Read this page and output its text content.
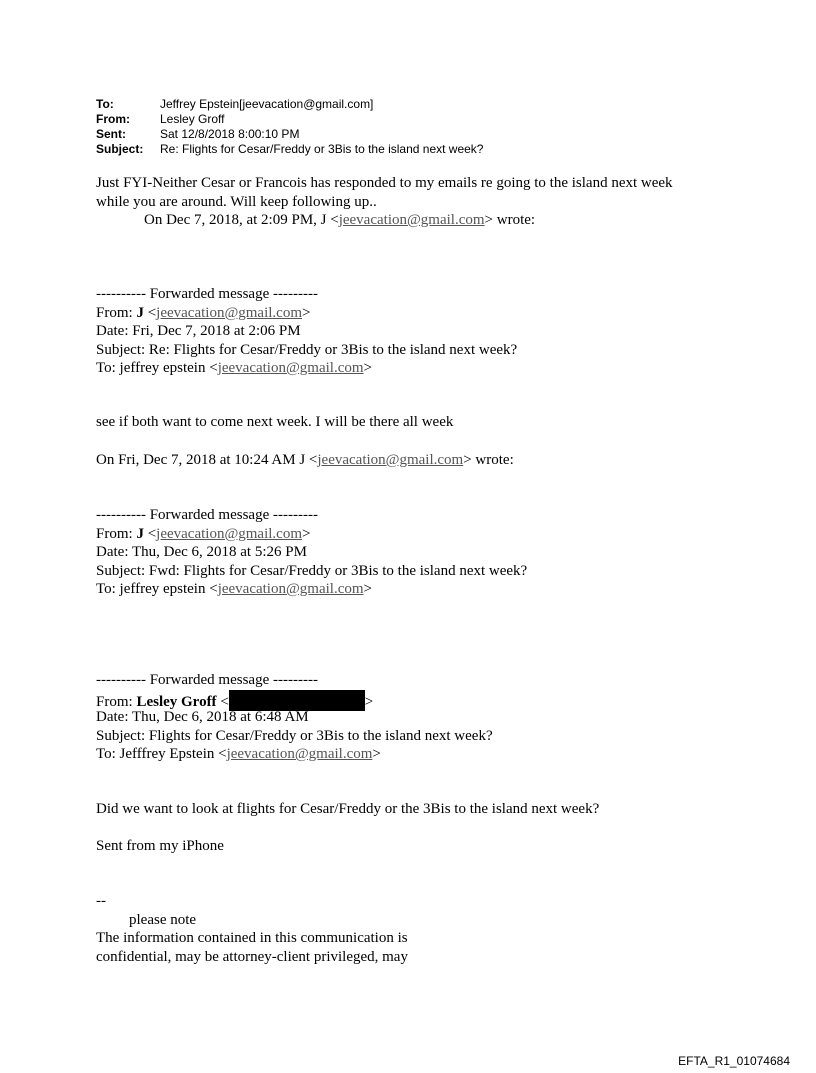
To:	Jeffrey Epstein[jeevacation@gmail.com]
From:	Lesley Groff
Sent:	Sat 12/8/2018 8:00:10 PM
Subject:	Re: Flights for Cesar/Freddy or 3Bis to the island next week?
Just FYI-Neither Cesar or Francois has responded to my emails re going to the island next week
while you are around. Will keep following up..
On Dec 7, 2018, at 2:09 PM, J <jeevacation@gmail.com> wrote:
---------- Forwarded message ---------
From: J <jeevacation@gmail.com>
Date: Fri, Dec 7, 2018 at 2:06 PM
Subject: Re: Flights for Cesar/Freddy or 3Bis to the island next week?
To: jeffrey epstein <jeevacation@gmail.com>
see if both want to come next week. I will be there all week
On Fri, Dec 7, 2018 at 10:24 AM J <jeevacation@gmail.com> wrote:
---------- Forwarded message ---------
From: J <jeevacation@gmail.com>
Date: Thu, Dec 6, 2018 at 5:26 PM
Subject: Fwd: Flights for Cesar/Freddy or 3Bis to the island next week?
To: jeffrey epstein <jeevacation@gmail.com>
---------- Forwarded message ---------
From: Lesley Groff <	>
Date: Thu, Dec 6, 2018 at 6:48 AM
Subject: Flights for Cesar/Freddy or 3Bis to the island next week?
To: Jefffrey Epstein <jeevacation@gmail.com>
Did we want to look at flights for Cesar/Freddy or the 3Bis to the island next week?
Sent from my iPhone
--
please note
The information contained in this communication is
confidential, may be attorney-client privileged, may
EFTA_R1_01074684
